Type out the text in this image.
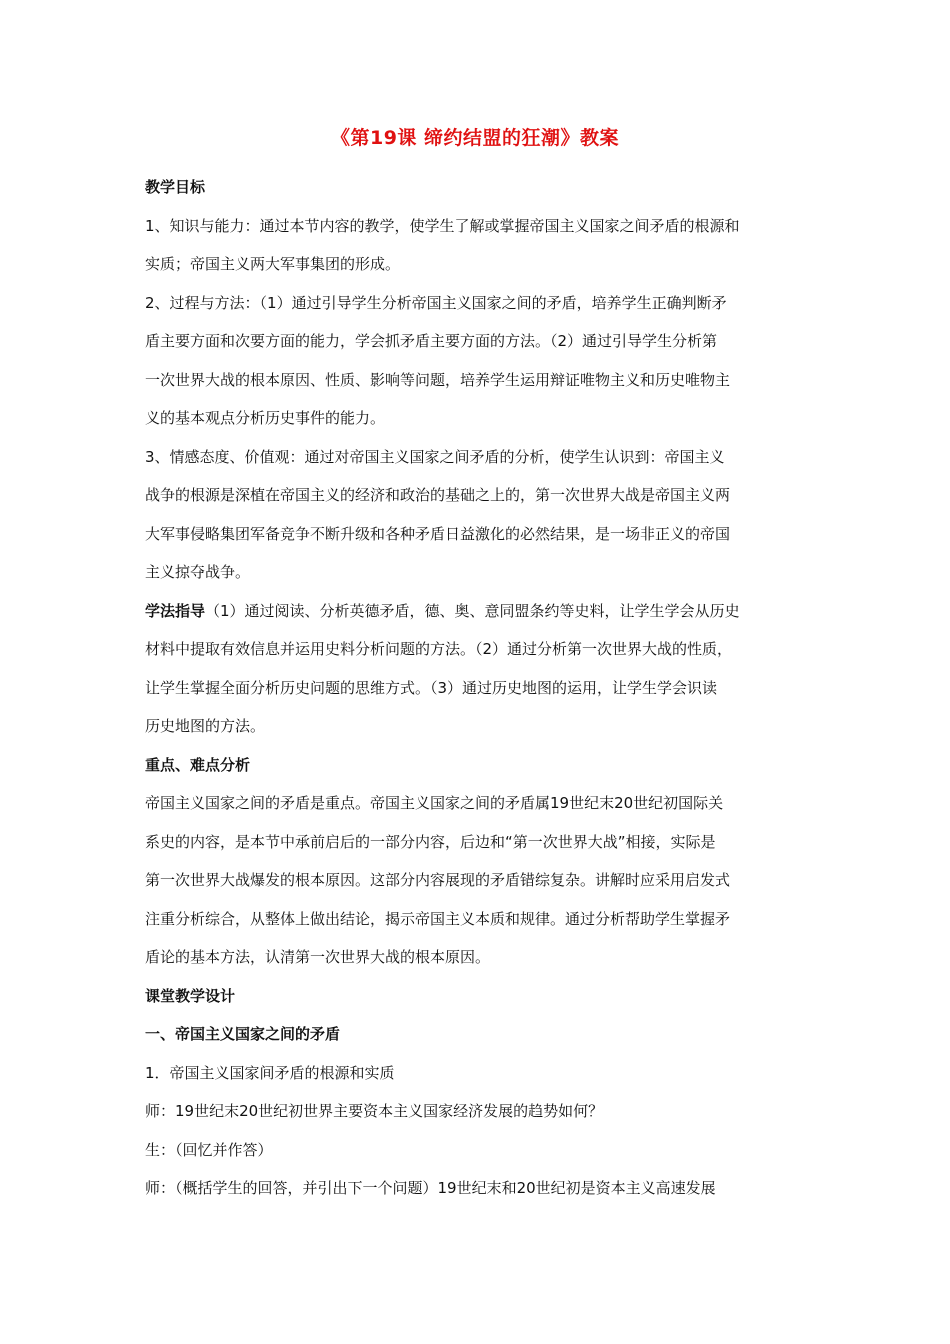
《第19课 缔约结盟的狂潮》教案
教学目标
1、知识与能力：通过本节内容的教学，使学生了解或掌握帝国主义国家之间矛盾的根源和
实质；帝国主义两大军事集团的形成。
2、过程与方法：（1）通过引导学生分析帝国主义国家之间的矛盾，培养学生正确判断矛
盾主要方面和次要方面的能力，学会抓矛盾主要方面的方法。（2）通过引导学生分析第
一次世界大战的根本原因、性质、影响等问题，培养学生运用辩证唯物主义和历史唯物主
义的基本观点分析历史事件的能力。
3、情感态度、价值观：通过对帝国主义国家之间矛盾的分析，使学生认识到：帝国主义
战争的根源是深植在帝国主义的经济和政治的基础之上的，第一次世界大战是帝国主义两
大军事侵略集团军备竞争不断升级和各种矛盾日益激化的必然结果，是一场非正义的帝国
主义掠夺战争。
学法指导（1）通过阅读、分析英德矛盾，德、奥、意同盟条约等史料，让学生学会从历史
材料中提取有效信息并运用史料分析问题的方法。（2）通过分析第一次世界大战的性质，
让学生掌握全面分析历史问题的思维方式。（3）通过历史地图的运用，让学生学会识读
历史地图的方法。
重点、难点分析
帝国主义国家之间的矛盾是重点。帝国主义国家之间的矛盾属19世纪末20世纪初国际关
系史的内容，是本节中承前启后的一部分内容，后边和“第一次世界大战”相接，实际是
第一次世界大战爆发的根本原因。这部分内容展现的矛盾错综复杂。讲解时应采用启发式
注重分析综合，从整体上做出结论，揭示帝国主义本质和规律。通过分析帮助学生掌握矛
盾论的基本方法，认清第一次世界大战的根本原因。
课堂教学设计
一、帝国主义国家之间的矛盾
1．帝国主义国家间矛盾的根源和实质
师：19世纪末20世纪初世界主要资本主义国家经济发展的趋势如何？
生：（回忆并作答）
师：（概括学生的回答，并引出下一个问题）19世纪末和20世纪初是资本主义高速发展
